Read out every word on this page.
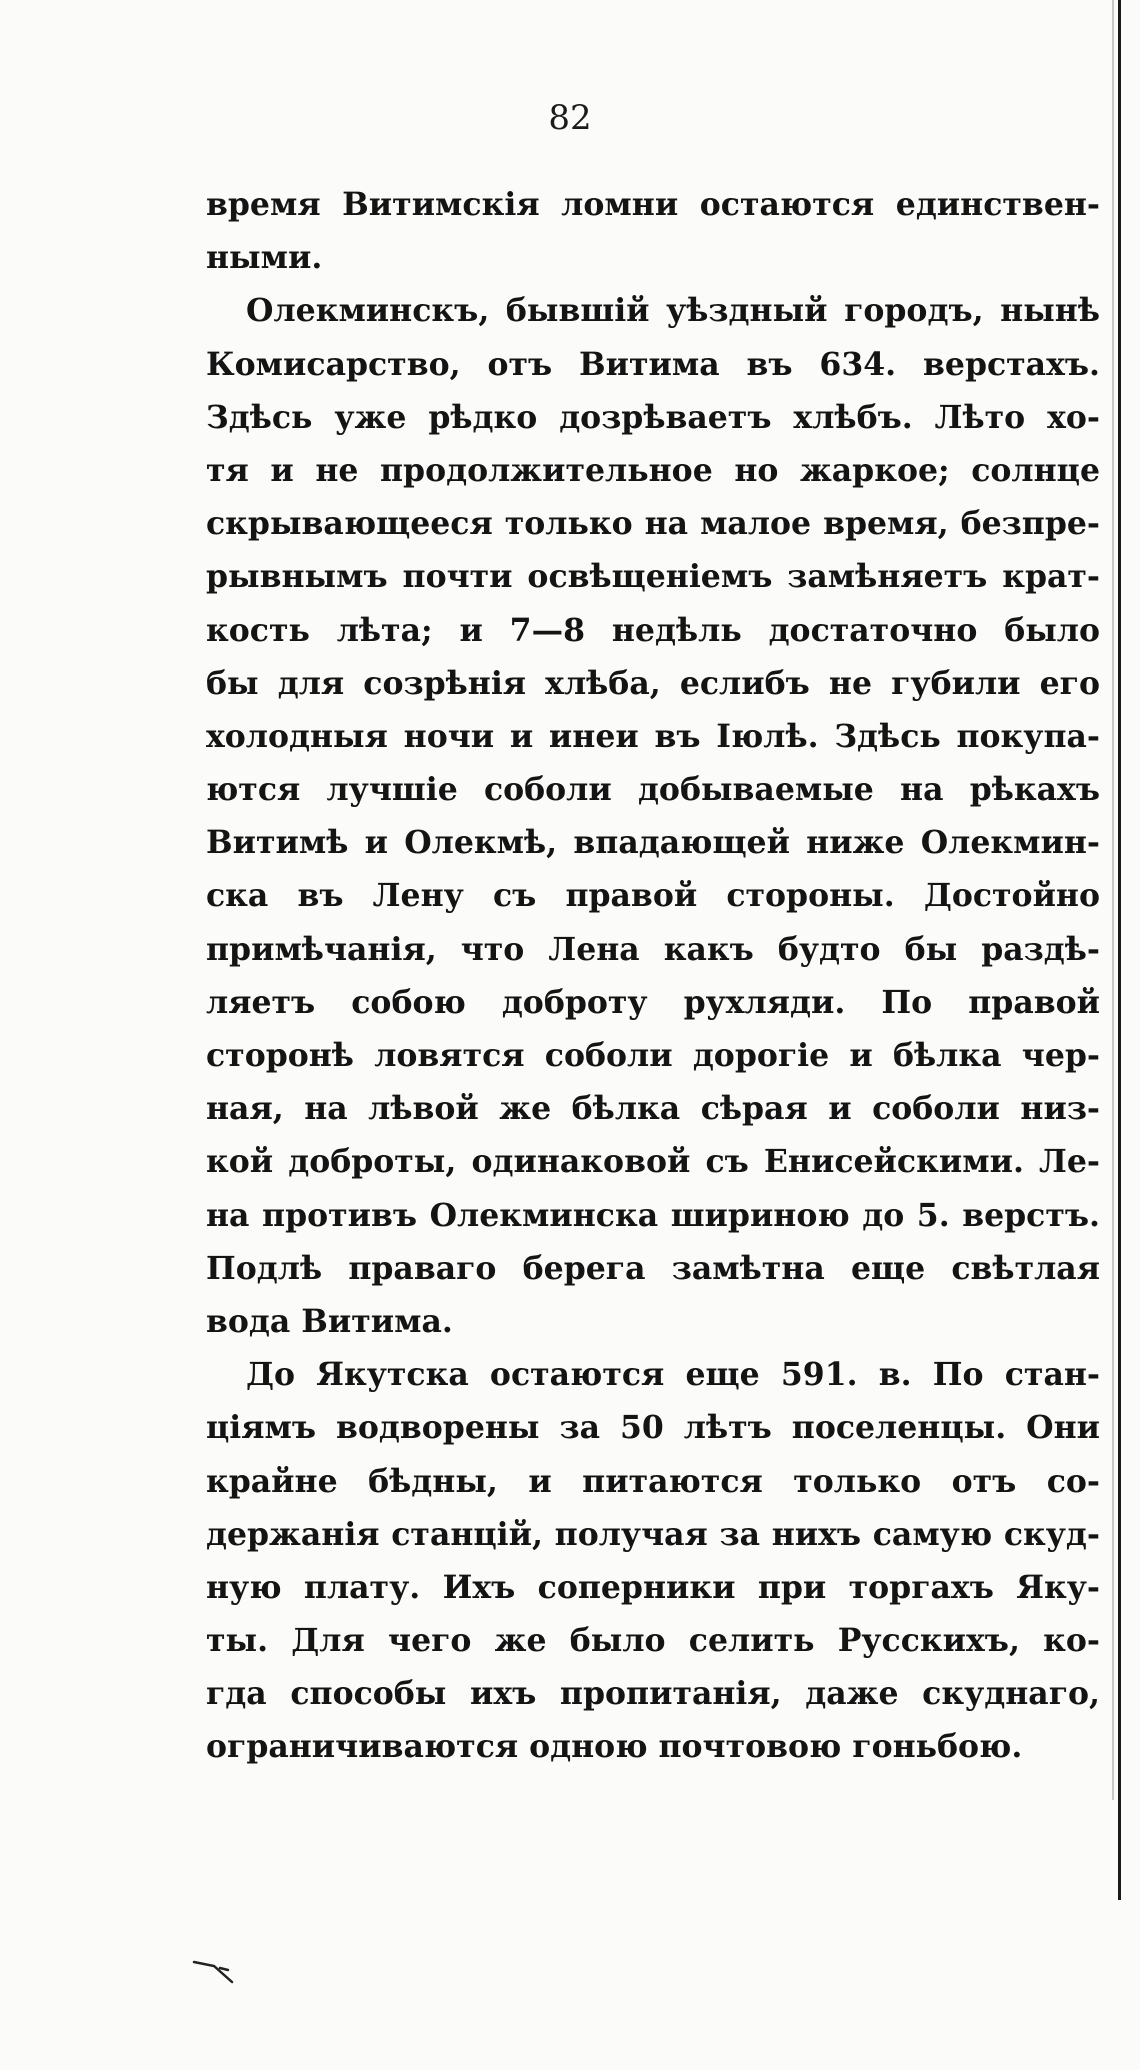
82

время Витимскія ломни остаются единствен-
ными.
Олекминскъ, бывшій уѣздный городъ, нынѣ
Комисарство, отъ Витима въ 634. верстахъ.
Здѣсь уже рѣдко дозрѣваетъ хлѣбъ. Лѣто хо-
тя и не продолжительное но жаркое; солнце
скрывающееся только на малое время, безпре-
рывнымъ почти освѣщеніемъ замѣняетъ крат-
кость лѣта; и 7—8 недѣль достаточно было
бы для созрѣнія хлѣба, еслибъ не губили его
холодныя ночи и инеи въ Іюлѣ. Здѣсь покупа-
ются лучшіе соболи добываемые на рѣкахъ
Витимѣ и Олекмѣ, впадающей ниже Олекмин-
ска въ Лену съ правой стороны. Достойно
примѣчанія, что Лена какъ будто бы раздѣ-
ляетъ собою доброту рухляди. По правой
сторонѣ ловятся соболи дорогіе и бѣлка чер-
ная, на лѣвой же бѣлка сѣрая и соболи низ-
кой доброты, одинаковой съ Енисейскими. Ле-
на противъ Олекминска шириною до 5. верстъ.
Подлѣ праваго берега замѣтна еще свѣтлая
вода Витима.
До Якутска остаются еще 591. в. По стан-
ціямъ водворены за 50 лѣтъ поселенцы. Они
крайне бѣдны, и питаются только отъ со-
держанія станцій, получая за нихъ самую скуд-
ную плату. Ихъ соперники при торгахъ Яку-
ты. Для чего же было селить Русскихъ, ко-
гда способы ихъ пропитанія, даже скуднаго,
ограничиваются одною почтовою гоньбою.
